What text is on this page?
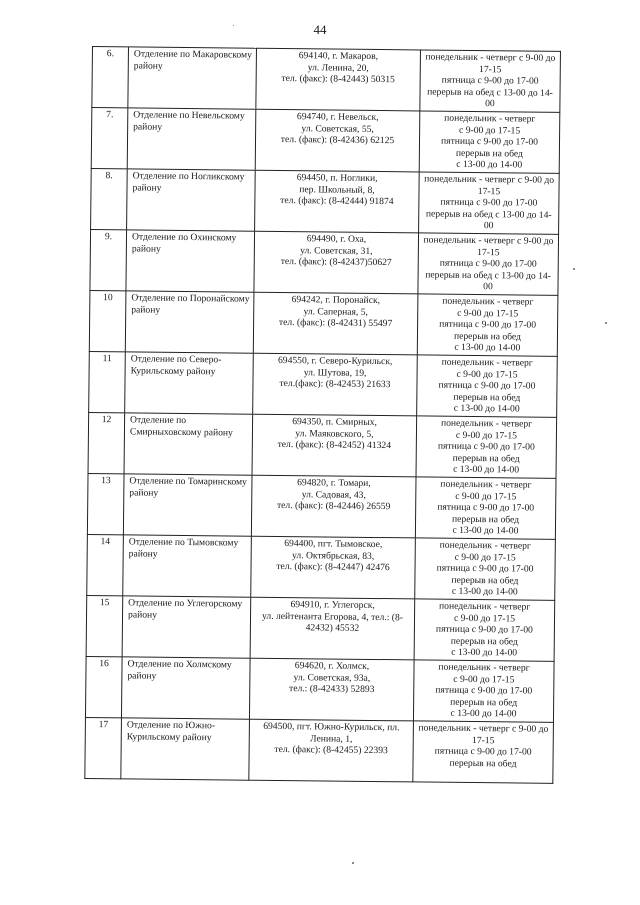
44
6.	Отделение по Макаровскому району	694140, г. Макаров,
ул. Ленина, 20,
тел. (факс): (8-42443) 50315	понедельник - четверг с 9-00 до 17-15
пятница с 9-00 до 17-00
перерыв на обед с 13-00 до 14-00
7.	Отделение по Невельскому району	694740, г. Невельск,
ул. Советская, 55,
тел. (факс): (8-42436) 62125	понедельник - четверг
с 9-00 до 17-15
пятница с 9-00 до 17-00
перерыв на обед
с 13-00 до 14-00
8.	Отделение по Ногликскому району	694450, п. Ноглики,
пер. Школьный, 8,
тел. (факс): (8-42444) 91874	понедельник - четверг с 9-00 до 17-15
пятница с 9-00 до 17-00
перерыв на обед с 13-00 до 14-00
9.	Отделение по Охинскому району	694490, г. Оха,
ул. Советская, 31,
тел. (факс): (8-42437)50627	понедельник - четверг с 9-00 до 17-15
пятница с 9-00 до 17-00
перерыв на обед с 13-00 до 14-00
10	Отделение по Поронайскому району	694242, г. Поронайск,
ул. Саперная, 5,
тел. (факс): (8-42431) 55497	понедельник - четверг
с 9-00 до 17-15
пятница с 9-00 до 17-00
перерыв на обед
с 13-00 до 14-00
11	Отделение по Северо-Курильскому району	694550, г. Северо-Курильск,
ул. Шутова, 19,
тел.(факс): (8-42453) 21633	понедельник - четверг
с 9-00 до 17-15
пятница с 9-00 до 17-00
перерыв на обед
с 13-00 до 14-00
12	Отделение по Смирныховскому району	694350, п. Смирных,
ул. Маяковского, 5,
тел. (факс): (8-42452) 41324	понедельник - четверг
с 9-00 до 17-15
пятница с 9-00 до 17-00
перерыв на обед
с 13-00 до 14-00
13	Отделение по Томаринскому району	694820, г. Томари,
ул. Садовая, 43,
тел. (факс): (8-42446) 26559	понедельник - четверг
с 9-00 до 17-15
пятница с 9-00 до 17-00
перерыв на обед
с 13-00 до 14-00
14	Отделение по Тымовскому району	694400, пгт. Тымовское,
ул. Октябрьская, 83,
тел. (факс): (8-42447) 42476	понедельник - четверг
с 9-00 до 17-15
пятница с 9-00 до 17-00
перерыв на обед
с 13-00 до 14-00
15	Отделение по Углегорскому району	694910, г. Углегорск,
ул. лейтенанта Егорова, 4, тел.: (8-42432) 45532	понедельник - четверг
с 9-00 до 17-15
пятница с 9-00 до 17-00
перерыв на обед
с 13-00 до 14-00
16	Отделение по Холмскому району	694620, г. Холмск,
ул. Советская, 93а,
тел.: (8-42433) 52893	понедельник - четверг
с 9-00 до 17-15
пятница с 9-00 до 17-00
перерыв на обед
с 13-00 до 14-00
17	Отделение по Южно-Курильскому району	694500, пгт. Южно-Курильск, пл. Ленина, 1,
тел. (факс): (8-42455) 22393	понедельник - четверг с 9-00 до 17-15
пятница с 9-00 до 17-00
перерыв на обед
